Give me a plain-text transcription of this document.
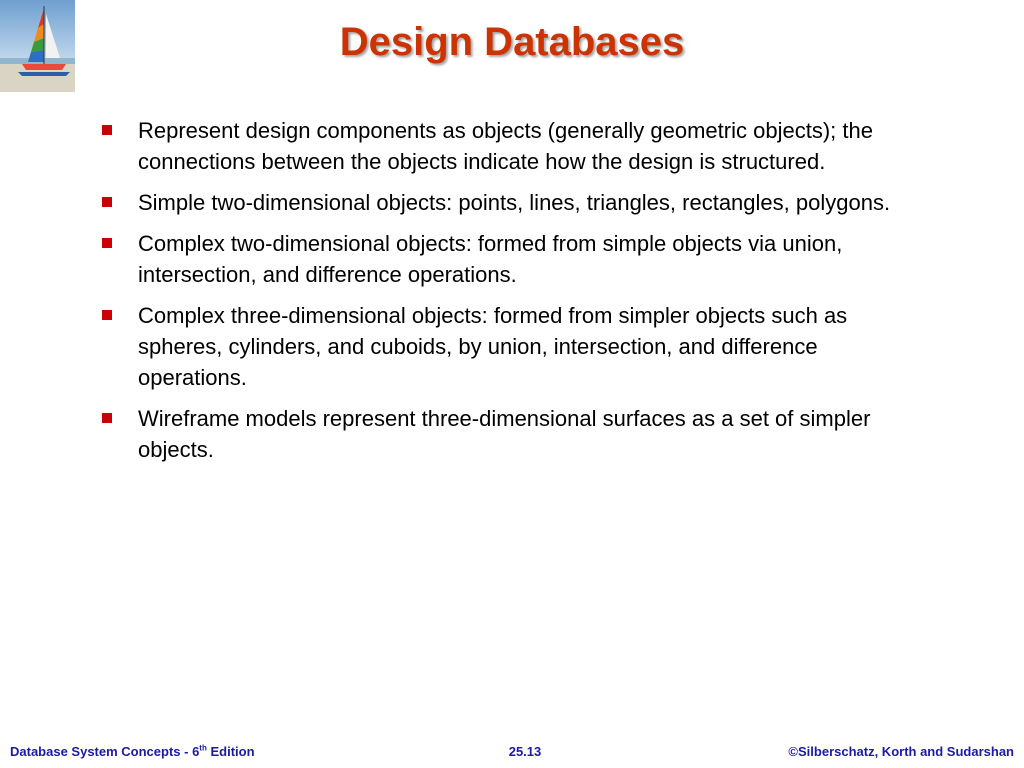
Design Databases
Represent design components as objects (generally geometric objects); the connections between the objects indicate how the design is structured.
Simple two-dimensional objects: points, lines, triangles, rectangles, polygons.
Complex two-dimensional objects: formed from simple objects via union, intersection, and difference operations.
Complex three-dimensional objects: formed from simpler objects such as spheres, cylinders, and cuboids, by union, intersection, and difference operations.
Wireframe models represent three-dimensional surfaces as a set of simpler objects.
Database System Concepts - 6th Edition	25.13	©Silberschatz, Korth and Sudarshan
